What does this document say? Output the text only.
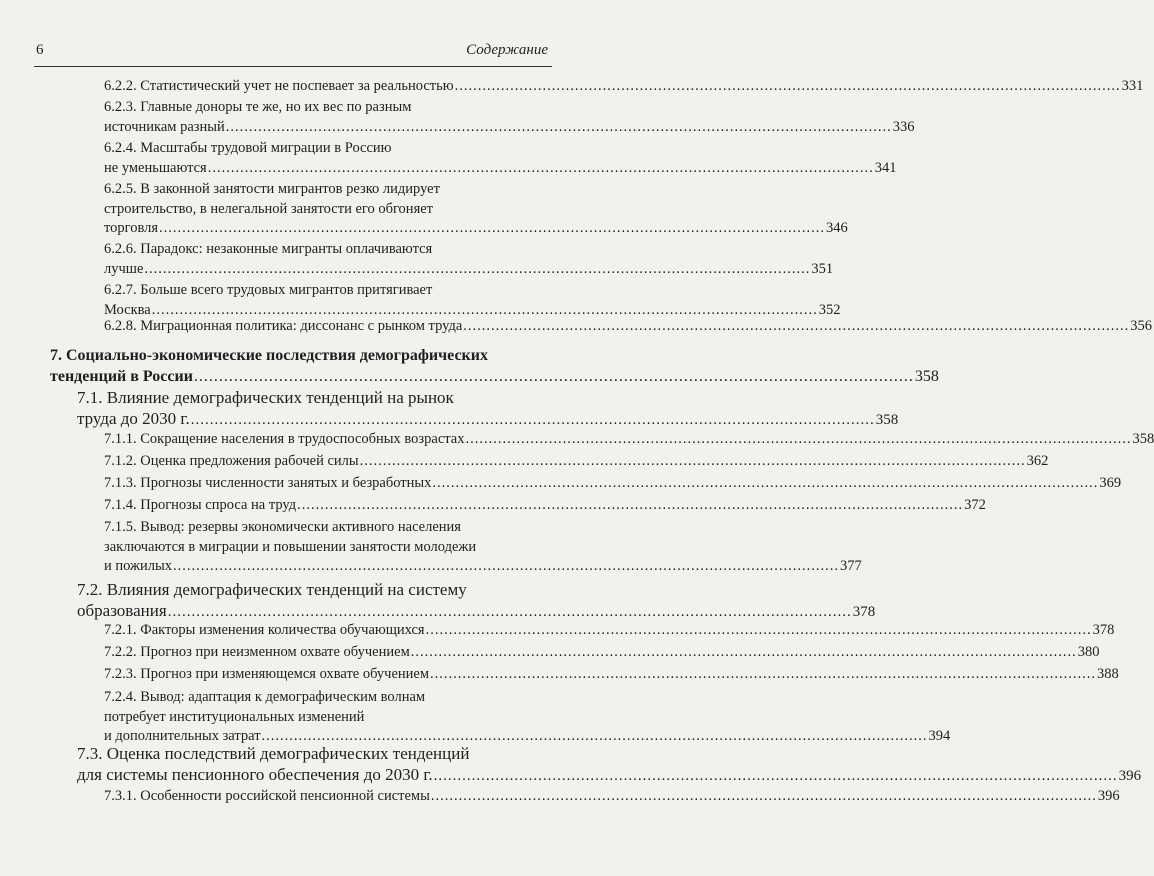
6	Содержание
6.2.2. Статистический учет не поспевает за реальностью .....	331
6.2.3. Главные доноры те же, но их вес по разным
источникам разный .....	336
6.2.4. Масштабы трудовой миграции в Россию
не уменьшаются .....	341
6.2.5. В законной занятости мигрантов резко лидирует
строительство, в нелегальной занятости его обгоняет
торговля .....	346
6.2.6. Парадокс: незаконные мигранты оплачиваются
лучше .....	351
6.2.7. Больше всего трудовых мигрантов притягивает
Москва .....	352
6.2.8. Миграционная политика: диссонанс с рынком труда .....	356
7. Социально-экономические последствия демографических
тенденций в России .....	358
7.1. Влияние демографических тенденций на рынок
труда до 2030 г. .....	358
7.1.1. Сокращение населения в трудоспособных возрастах .....	358
7.1.2. Оценка предложения рабочей силы .....	362
7.1.3. Прогнозы численности занятых и безработных .....	369
7.1.4. Прогнозы спроса на труд .....	372
7.1.5. Вывод: резервы экономически активного населения
заключаются в миграции и повышении занятости молодежи
и пожилых .....	377
7.2. Влияния демографических тенденций на систему
образования .....	378
7.2.1. Факторы изменения количества обучающихся .....	378
7.2.2. Прогноз при неизменном охвате обучением .....	380
7.2.3. Прогноз при изменяющемся охвате обучением .....	388
7.2.4. Вывод: адаптация к демографическим волнам
потребует институциональных изменений
и дополнительных затрат .....	394
7.3. Оценка последствий демографических тенденций
для системы пенсионного обеспечения до 2030 г. .....	396
7.3.1. Особенности российской пенсионной системы .....	396
